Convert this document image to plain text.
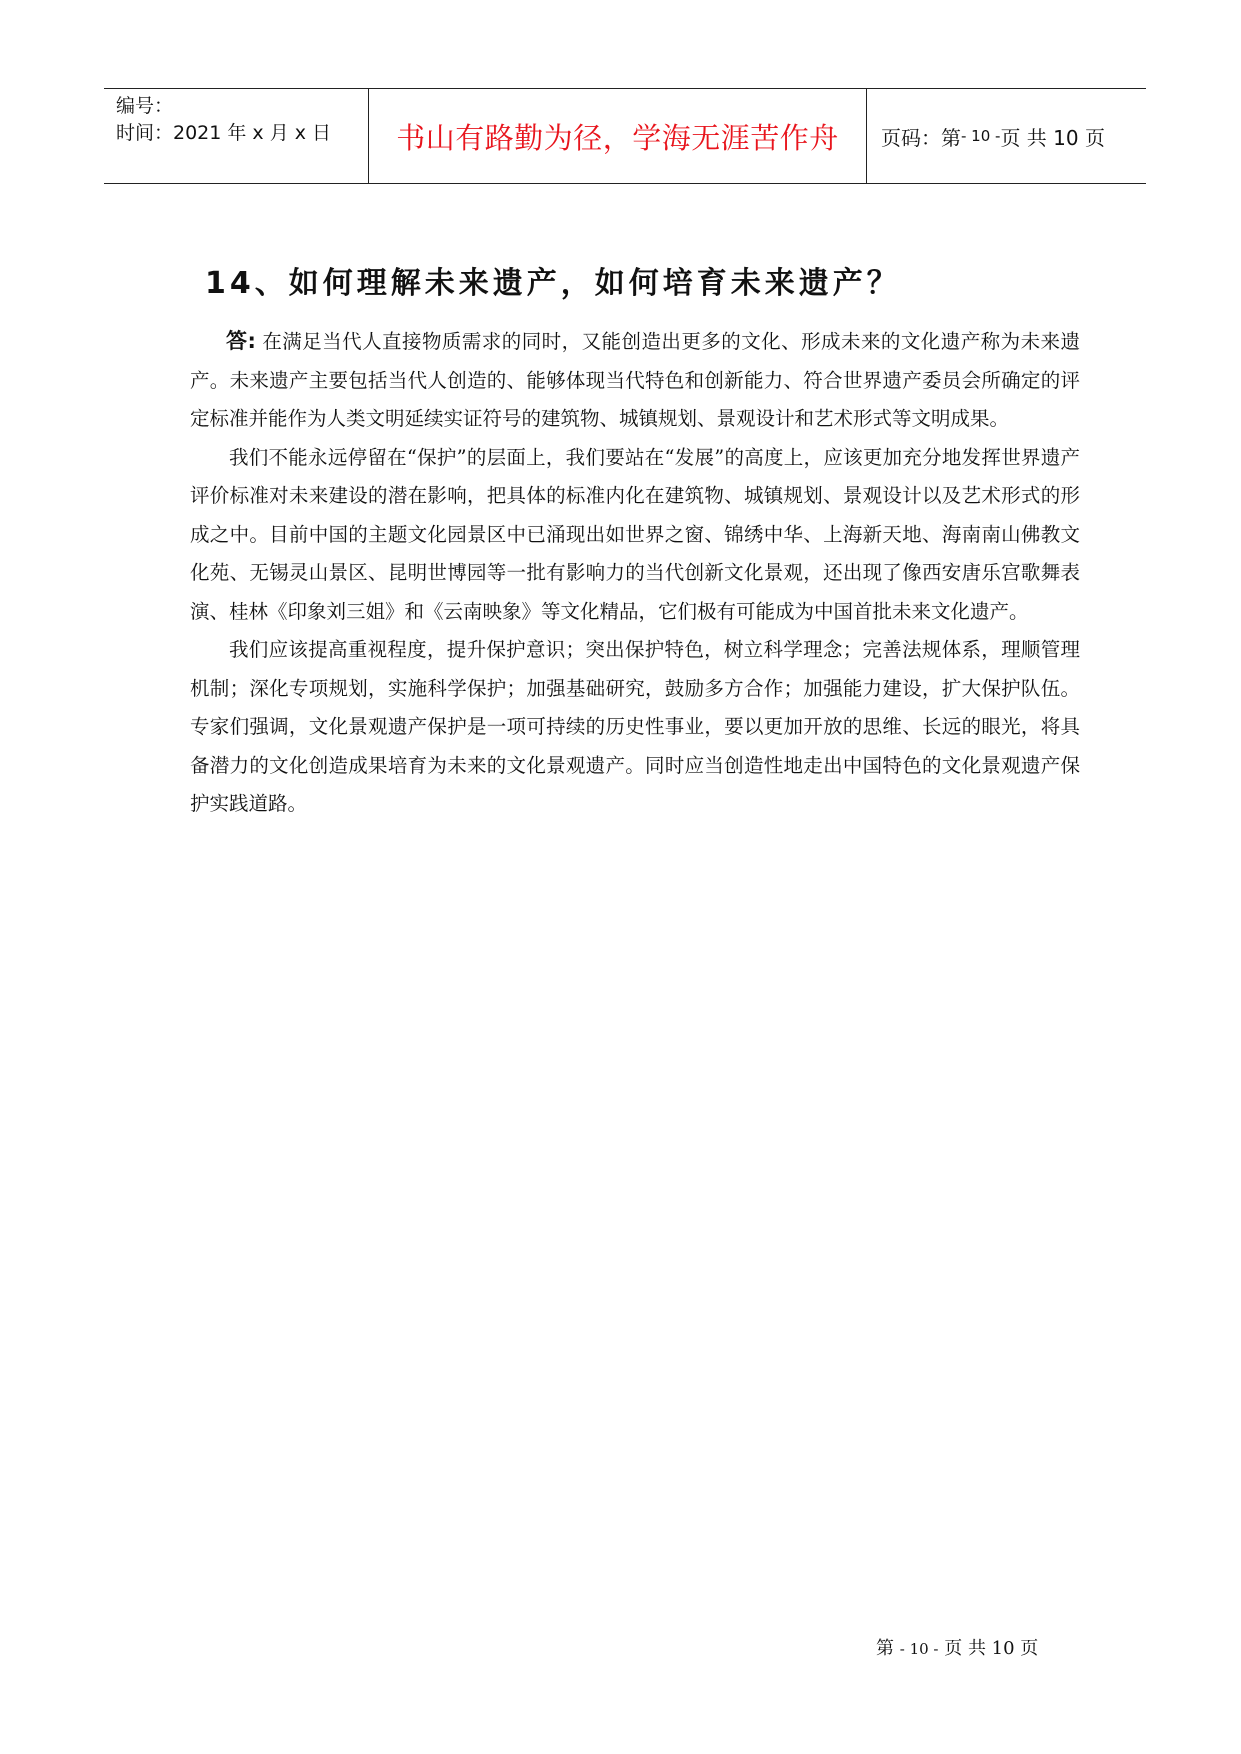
编号：
时间：2021 年 x 月 x 日	书山有路勤为径，学海无涯苦作舟 页码：第 - 10 - 页 共 10 页
14、如何理解未来遗产，如何培育未来遗产？

答: 在满足当代人直接物质需求的同时，又能创造出更多的文化、形成未来的文化遗产称为未来遗产。未来遗产主要包括当代人创造的、能够体现当代特色和创新能力、符合世界遗产委员会所确定的评定标准并能作为人类文明延续实证符号的建筑物、城镇规划、景观设计和艺术形式等文明成果。

我们不能永远停留在“保护”的层面上，我们要站在“发展”的高度上，应该更加充分地发挥世界遗产评价标准对未来建设的潜在影响，把具体的标准内化在建筑物、城镇规划、景观设计以及艺术形式的形成之中。目前中国的主题文化园景区中已涌现出如世界之窗、锦绣中华、上海新天地、海南南山佛教文化苑、无锡灵山景区、昆明世博园等一批有影响力的当代创新文化景观，还出现了像西安唐乐宫歌舞表演、桂林《印象刘三姐》和《云南映象》等文化精品，它们极有可能成为中国首批未来文化遗产。

我们应该提高重视程度，提升保护意识；突出保护特色，树立科学理念；完善法规体系，理顺管理机制；深化专项规划，实施科学保护；加强基础研究，鼓励多方合作；加强能力建设，扩大保护队伍。专家们强调，文化景观遗产保护是一项可持续的历史性事业，要以更加开放的思维、长远的眼光，将具备潜力的文化创造成果培育为未来的文化景观遗产。同时应当创造性地走出中国特色的文化景观遗产保护实践道路。

第 - 10 - 页 共 10 页
